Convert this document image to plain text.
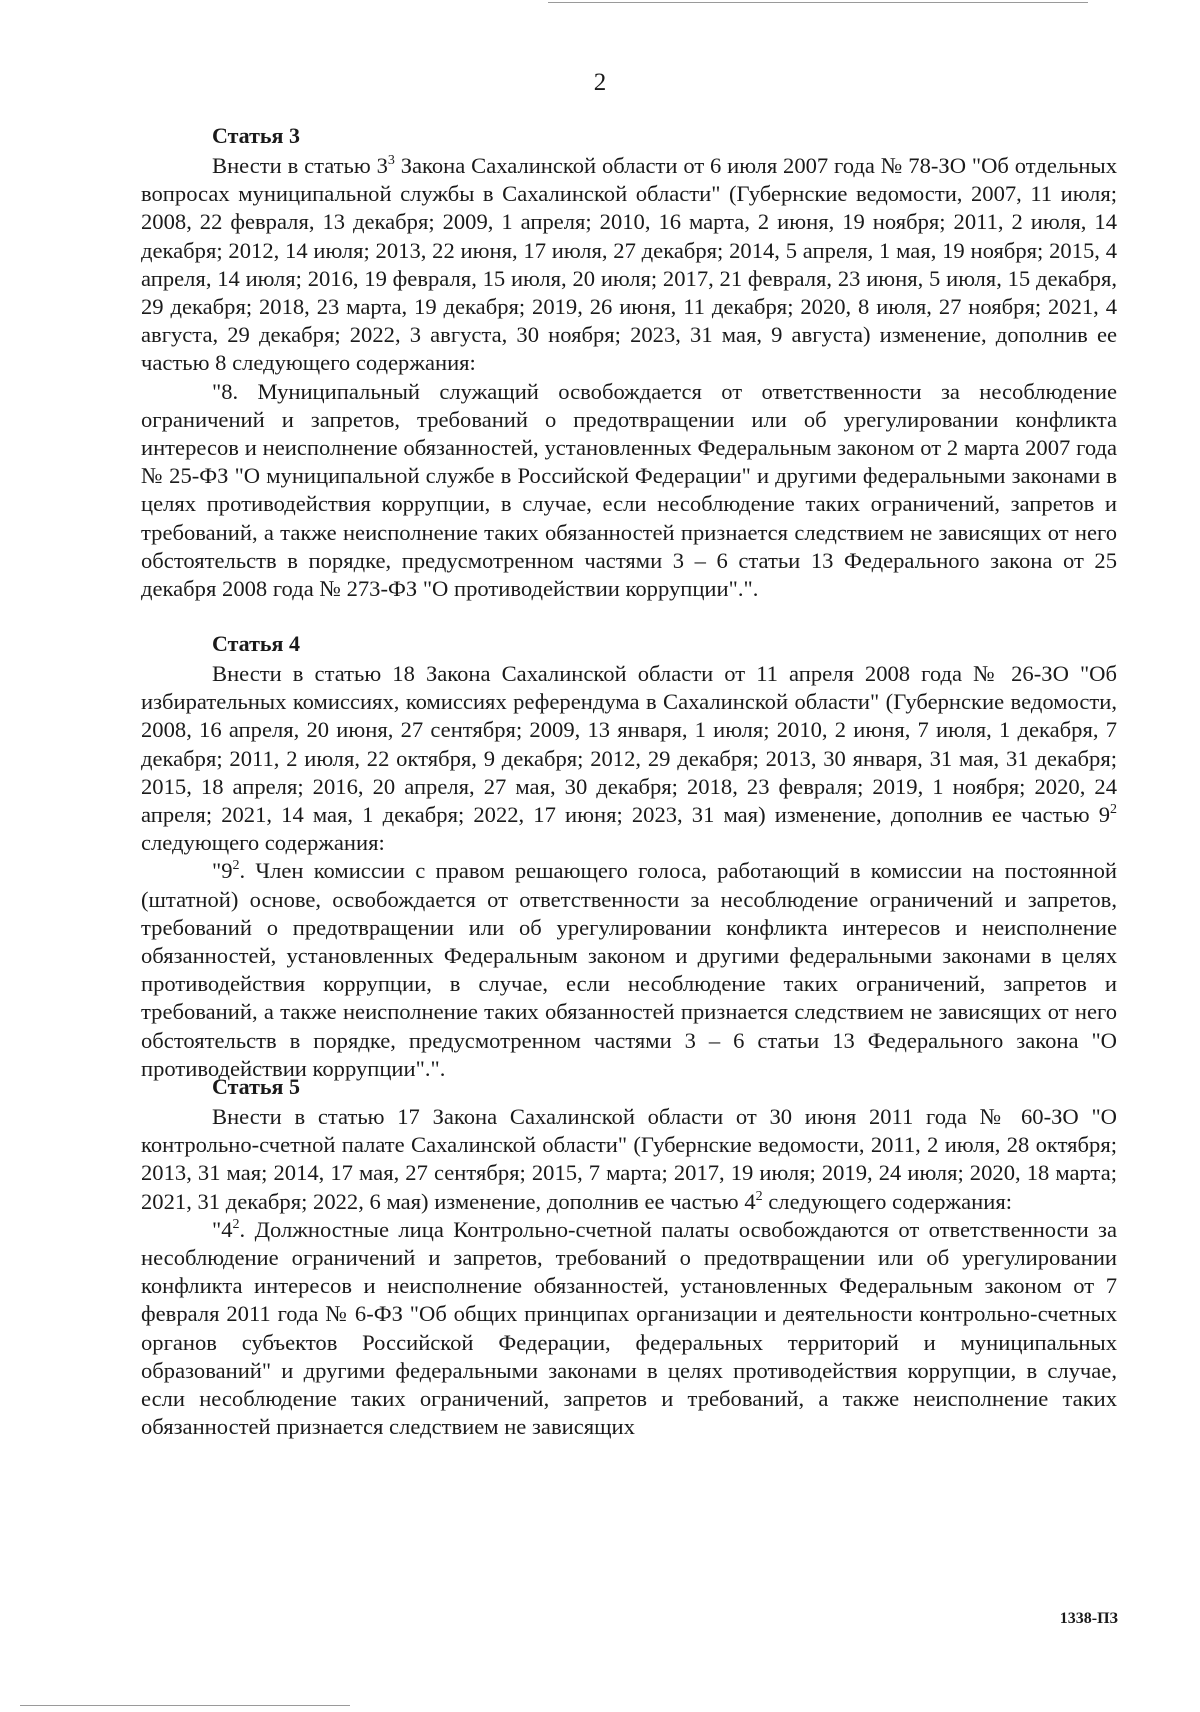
2
Статья 3

Внести в статью $3^3$ Закона Сахалинской области от 6 июля 2007 года № 78-ЗО "Об отдельных вопросах муниципальной службы в Сахалинской области" (Губернские ведомости, 2007, 11 июля; 2008, 22 февраля, 13 декабря; 2009, 1 апреля; 2010, 16 марта, 2 июня, 19 ноября; 2011, 2 июля, 14 декабря; 2012, 14 июля; 2013, 22 июня, 17 июля, 27 декабря; 2014, 5 апреля, 1 мая, 19 ноября; 2015, 4 апреля, 14 июля; 2016, 19 февраля, 15 июля, 20 июля; 2017, 21 февраля, 23 июня, 5 июля, 15 декабря, 29 декабря; 2018, 23 марта, 19 декабря; 2019, 26 июня, 11 декабря; 2020, 8 июля, 27 ноября; 2021, 4 августа, 29 декабря; 2022, 3 августа, 30 ноября; 2023, 31 мая, 9 августа) изменение, дополнив ее частью 8 следующего содержания:

"8. Муниципальный служащий освобождается от ответственности за несоблюдение ограничений и запретов, требований о предотвращении или об урегулировании конфликта интересов и неисполнение обязанностей, установленных Федеральным законом от 2 марта 2007 года № 25-ФЗ "О муниципальной службе в Российской Федерации" и другими федеральными законами в целях противодействия коррупции, в случае, если несоблюдение таких ограничений, запретов и требований, а также неисполнение таких обязанностей признается следствием не зависящих от него обстоятельств в порядке, предусмотренном частями 3 – 6 статьи 13 Федерального закона от 25 декабря 2008 года № 273-ФЗ "О противодействии коррупции".".

Статья 4

Внести в статью 18 Закона Сахалинской области от 11 апреля 2008 года № 26-ЗО "Об избирательных комиссиях, комиссиях референдума в Сахалинской области" (Губернские ведомости, 2008, 16 апреля, 20 июня, 27 сентября; 2009, 13 января, 1 июля; 2010, 2 июня, 7 июля, 1 декабря, 7 декабря; 2011, 2 июля, 22 октября, 9 декабря; 2012, 29 декабря; 2013, 30 января, 31 мая, 31 декабря; 2015, 18 апреля; 2016, 20 апреля, 27 мая, 30 декабря; 2018, 23 февраля; 2019, 1 ноября; 2020, 24 апреля; 2021, 14 мая, 1 декабря; 2022, 17 июня; 2023, 31 мая) изменение, дополнив ее частью $9^2$ следующего содержания:

"$9^2$. Член комиссии с правом решающего голоса, работающий в комиссии на постоянной (штатной) основе, освобождается от ответственности за несоблюдение ограничений и запретов, требований о предотвращении или об урегулировании конфликта интересов и неисполнение обязанностей, установленных Федеральным законом и другими федеральными законами в целях противодействия коррупции, в случае, если несоблюдение таких ограничений, запретов и требований, а также неисполнение таких обязанностей признается следствием не зависящих от него обстоятельств в порядке, предусмотренном частями 3 – 6 статьи 13 Федерального закона "О противодействии коррупции".".

Статья 5

Внести в статью 17 Закона Сахалинской области от 30 июня 2011 года № 60-ЗО "О контрольно-счетной палате Сахалинской области" (Губернские ведомости, 2011, 2 июля, 28 октября; 2013, 31 мая; 2014, 17 мая, 27 сентября; 2015, 7 марта; 2017, 19 июля; 2019, 24 июля; 2020, 18 марта; 2021, 31 декабря; 2022, 6 мая) изменение, дополнив ее частью $4^2$ следующего содержания:

"$4^2$. Должностные лица Контрольно-счетной палаты освобождаются от ответственности за несоблюдение ограничений и запретов, требований о предотвращении или об урегулировании конфликта интересов и неисполнение обязанностей, установленных Федеральным законом от 7 февраля 2011 года № 6-ФЗ "Об общих принципах организации и деятельности контрольно-счетных органов субъектов Российской Федерации, федеральных территорий и муниципальных образований" и другими федеральными законами в целях противодействия коррупции, в случае, если несоблюдение таких ограничений, запретов и требований, а также неисполнение таких обязанностей признается следствием не зависящих

1338-ПЗ
